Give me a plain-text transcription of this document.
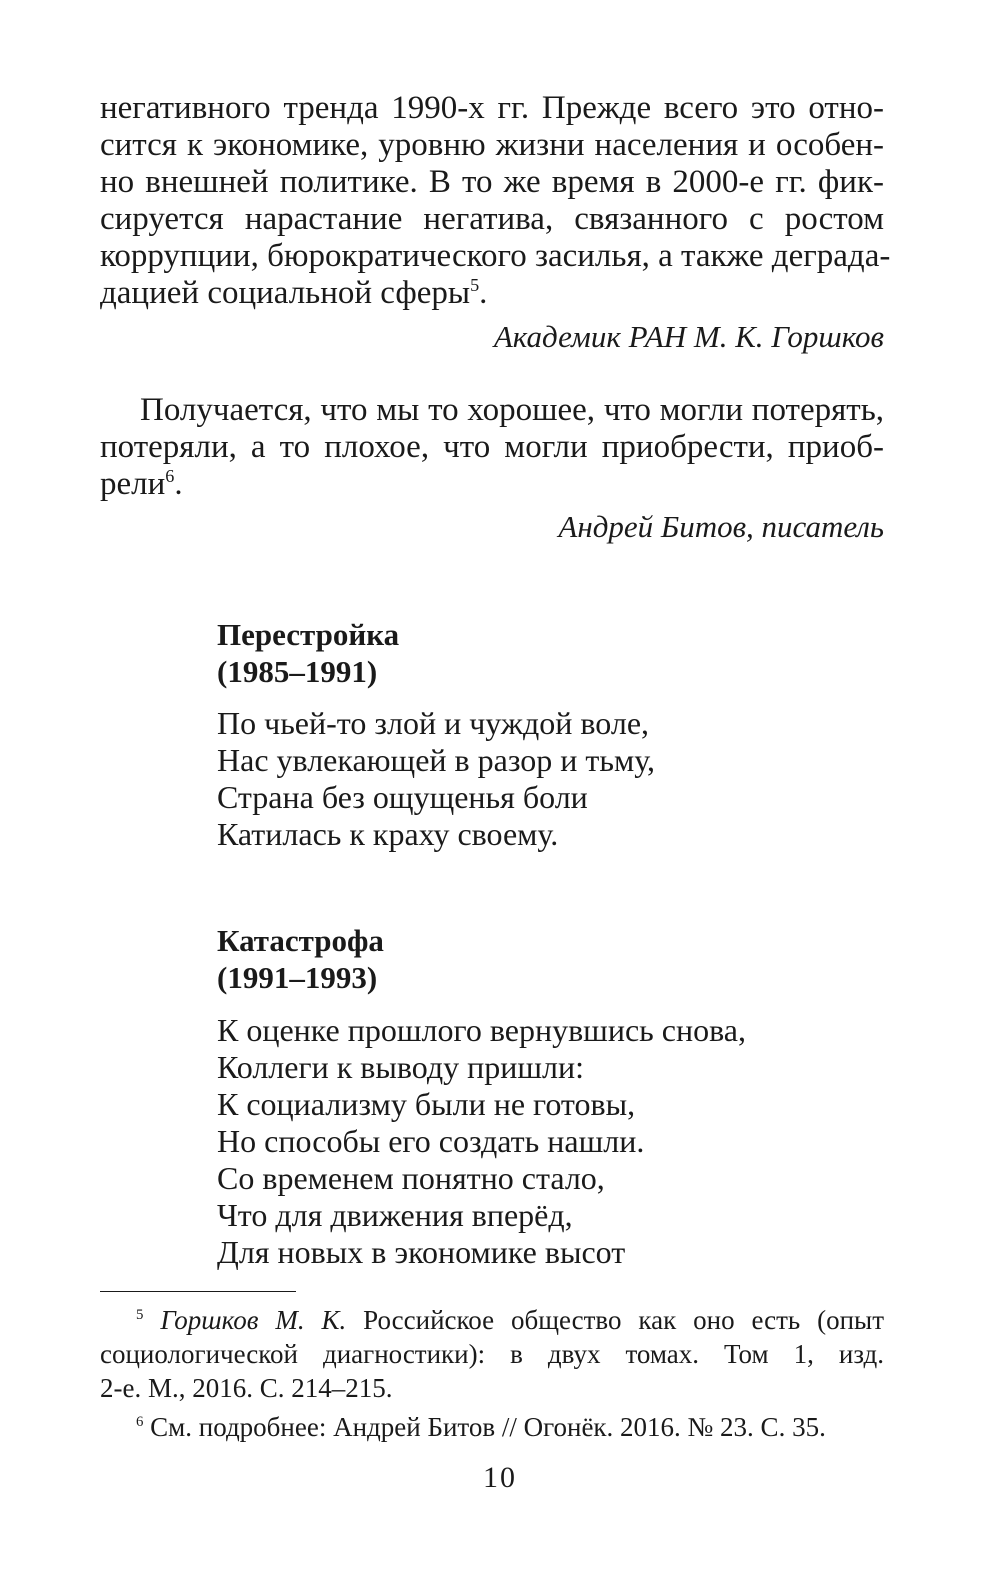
негативного тренда 1990-х гг. Прежде всего это отно-
сится к экономике, уровню жизни населения и особен-
но внешней политике. В то же время в 2000-е гг. фик-
сируется нарастание негатива, связанного с ростом
коррупции, бюрократического засилья, а также деграда-
дацией социальной сферы$^5$.
Академик РАН М. К. Горшков
Получается, что мы то хорошее, что могли потерять,
потеряли, а то плохое, что могли приобрести, приоб-
рели$^6$.
Андрей Битов, писатель
Перестройка
(1985–1991)
По чьей-то злой и чуждой воле,
Нас увлекающей в разор и тьму,
Страна без ощущенья боли
Катилась к краху своему.
Катастрофа
(1991–1993)
К оценке прошлого вернувшись снова,
Коллеги к выводу пришли:
К социализму были не готовы,
Но способы его создать нашли.
Со временем понятно стало,
Что для движения вперёд,
Для новых в экономике высот
$^5$ Горшков М. К. Российское общество как оно есть (опыт
социологической диагностики): в двух томах. Том 1, изд.
2-е. М., 2016. С. 214–215.
$^6$ См. подробнее: Андрей Битов // Огонёк. 2016. № 23. С. 35.
10
